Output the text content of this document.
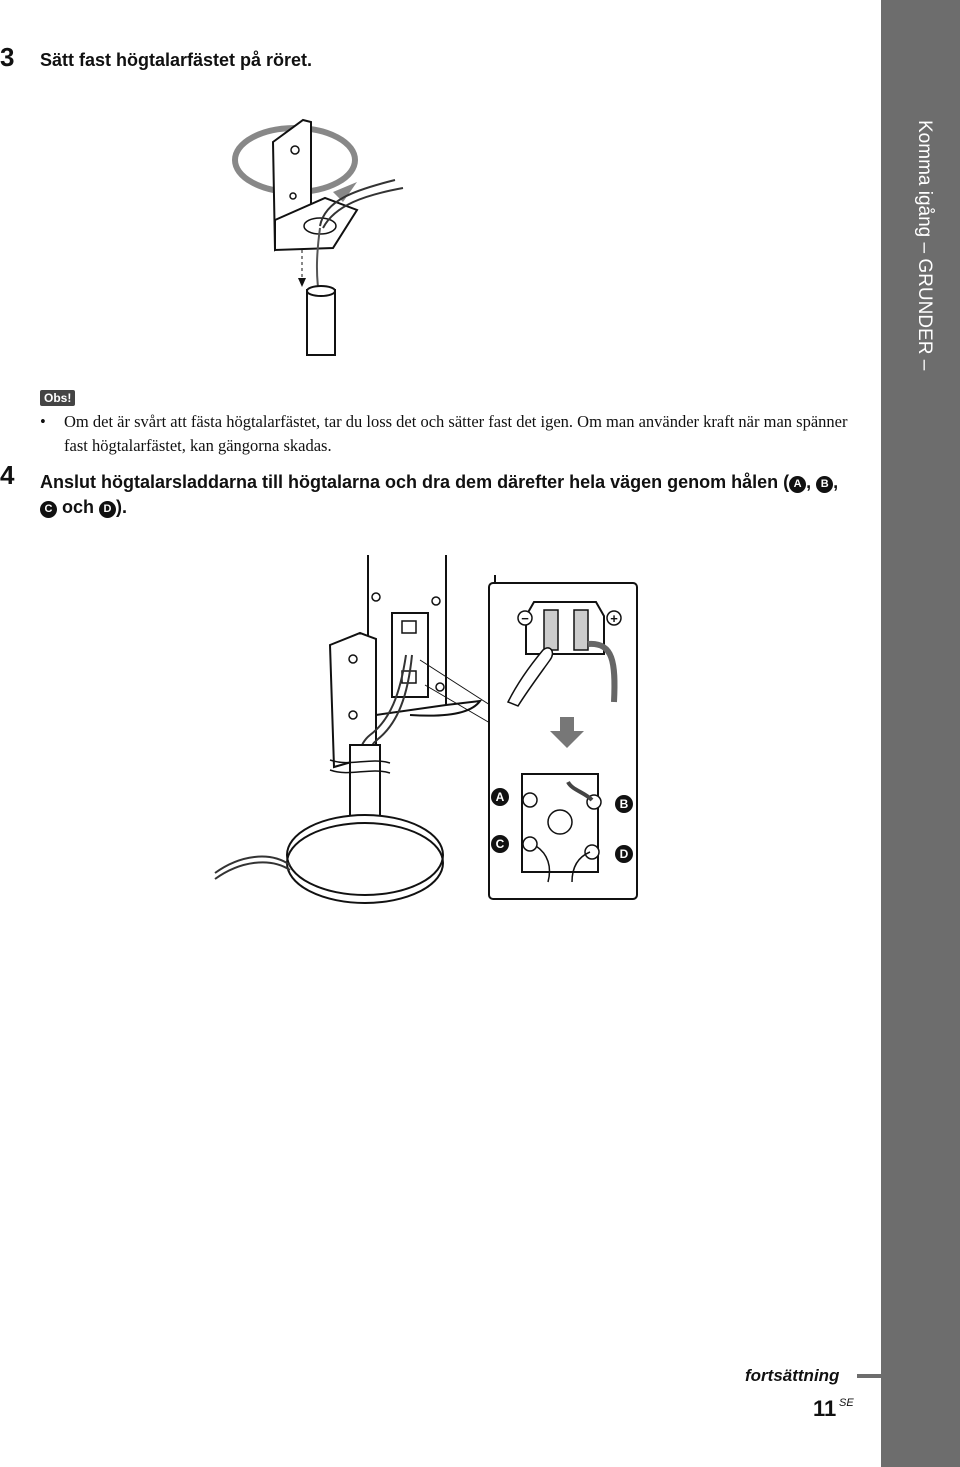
Komma igång – GRUNDER –
3 Sätt fast högtalarfästet på röret.
Obs!
• Om det är svårt att fästa högtalarfästet, tar du loss det och sätter fast det igen. Om man använder kraft när man spänner fast högtalarfästet, kan gängorna skadas.
4 Anslut högtalarsladdarna till högtalarna och dra dem därefter hela vägen genom hålen ( A , B , C och D ).
−	+
A	B
C
D
fortsättning
11 SE
